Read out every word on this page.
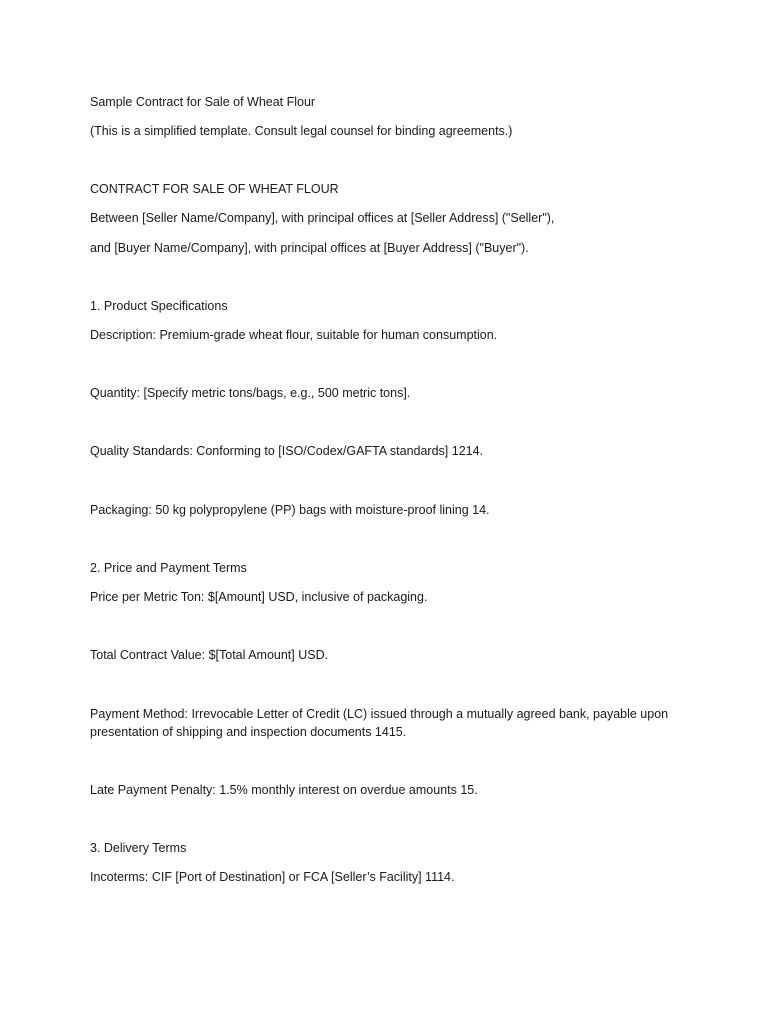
Sample Contract for Sale of Wheat Flour
(This is a simplified template. Consult legal counsel for binding agreements.)
CONTRACT FOR SALE OF WHEAT FLOUR
Between [Seller Name/Company], with principal offices at [Seller Address] ("Seller"),
and [Buyer Name/Company], with principal offices at [Buyer Address] ("Buyer").
1. Product Specifications
Description: Premium-grade wheat flour, suitable for human consumption.
Quantity: [Specify metric tons/bags, e.g., 500 metric tons].
Quality Standards: Conforming to [ISO/Codex/GAFTA standards] 1214.
Packaging: 50 kg polypropylene (PP) bags with moisture-proof lining 14.
2. Price and Payment Terms
Price per Metric Ton: $[Amount] USD, inclusive of packaging.
Total Contract Value: $[Total Amount] USD.
Payment Method: Irrevocable Letter of Credit (LC) issued through a mutually agreed bank, payable upon presentation of shipping and inspection documents 1415.
Late Payment Penalty: 1.5% monthly interest on overdue amounts 15.
3. Delivery Terms
Incoterms: CIF [Port of Destination] or FCA [Seller’s Facility] 1114.
